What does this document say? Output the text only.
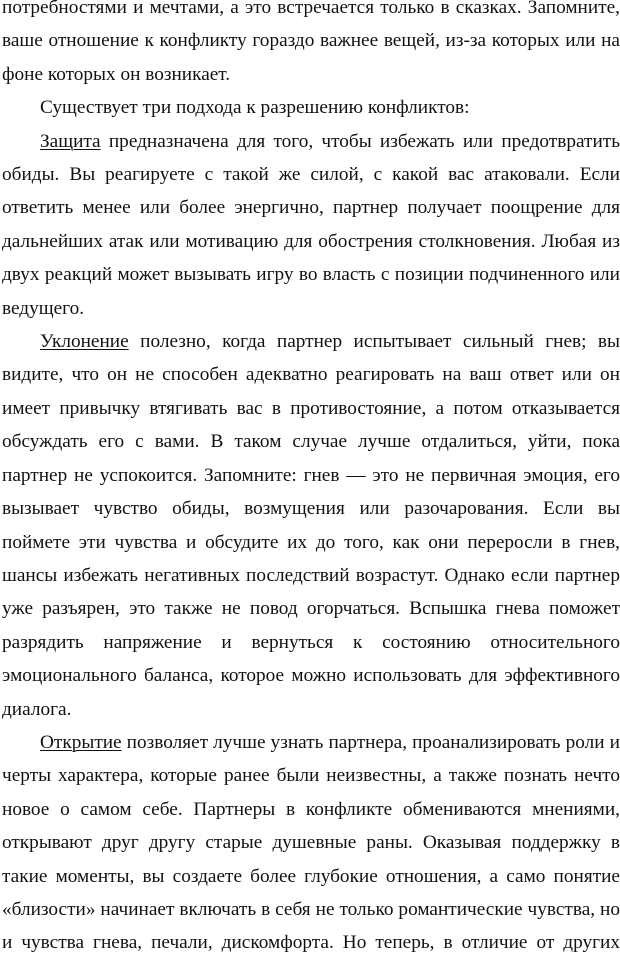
потребностями и мечтами, а это встречается только в сказках. Запомните, ваше отношение к конфликту гораздо важнее вещей, из-за которых или на фоне которых он возникает.

Существует три подхода к разрешению конфликтов:

Защита предназначена для того, чтобы избежать или предотвратить обиды. Вы реагируете с такой же силой, с какой вас атаковали. Если ответить менее или более энергично, партнер получает поощрение для дальнейших атак или мотивацию для обострения столкновения. Любая из двух реакций может вызывать игру во власть с позиции подчиненного или ведущего.

Уклонение полезно, когда партнер испытывает сильный гнев; вы видите, что он не способен адекватно реагировать на ваш ответ или он имеет привычку втягивать вас в противостояние, а потом отказывается обсуждать его с вами. В таком случае лучше отдалиться, уйти, пока партнер не успокоится. Запомните: гнев — это не первичная эмоция, его вызывает чувство обиды, возмущения или разочарования. Если вы поймете эти чувства и обсудите их до того, как они переросли в гнев, шансы избежать негативных последствий возрастут. Однако если партнер уже разъярен, это также не повод огорчаться. Вспышка гнева поможет разрядить напряжение и вернуться к состоянию относительного эмоционального баланса, которое можно использовать для эффективного диалога.

Открытие позволяет лучше узнать партнера, проанализировать роли и черты характера, которые ранее были неизвестны, а также познать нечто новое о самом себе. Партнеры в конфликте обмениваются мнениями, открывают друг другу старые душевные раны. Оказывая поддержку в такие моменты, вы создаете более глубокие отношения, а само понятие «близости» начинает включать в себя не только романтические чувства, но и чувства гнева, печали, дискомфорта. Но теперь, в отличие от других
